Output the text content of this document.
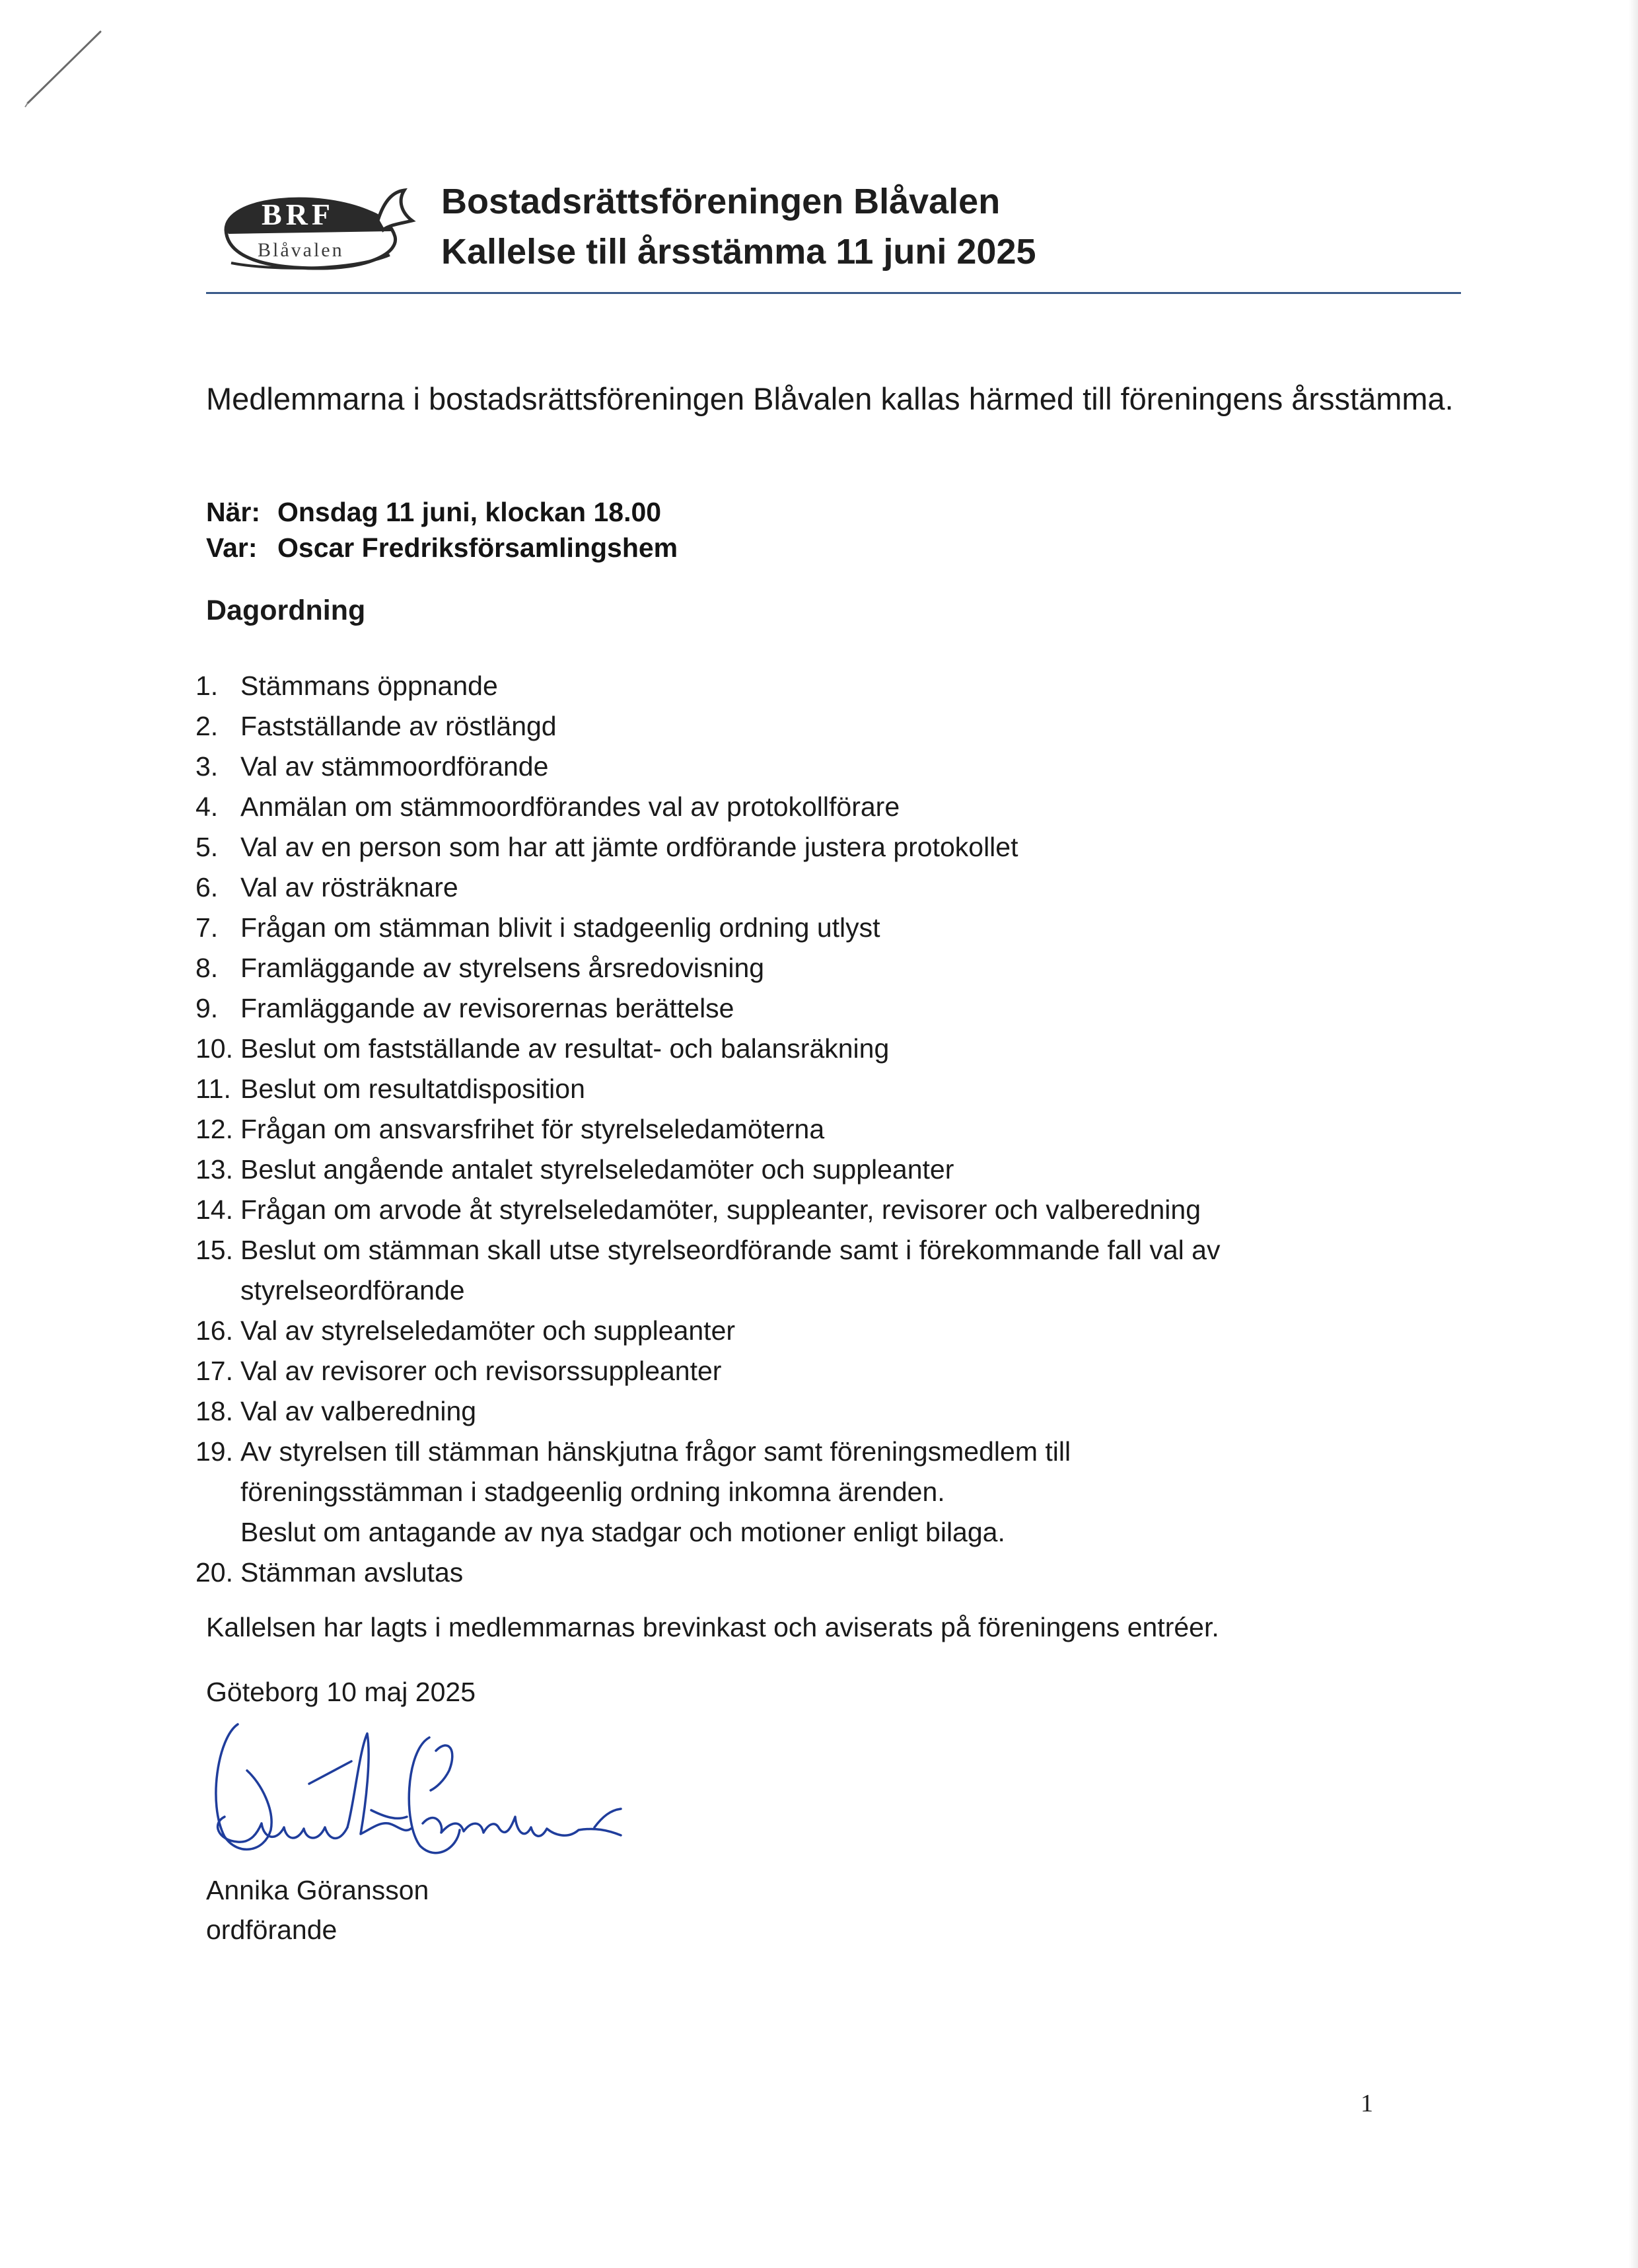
BRF
Blåvalen
Bostadsrättsföreningen Blåvalen
Kallelse till årsstämma 11 juni 2025
Medlemmarna i bostadsrättsföreningen Blåvalen kallas härmed till föreningens årsstämma.
När: Onsdag 11 juni, klockan 18.00
Var: Oscar Fredriksförsamlingshem
Dagordning
1. Stämmans öppnande
2. Fastställande av röstlängd
3. Val av stämmoordförande
4. Anmälan om stämmoordförandes val av protokollförare
5. Val av en person som har att jämte ordförande justera protokollet
6. Val av rösträknare
7. Frågan om stämman blivit i stadgeenlig ordning utlyst
8. Framläggande av styrelsens årsredovisning
9. Framläggande av revisorernas berättelse
10. Beslut om fastställande av resultat- och balansräkning
11. Beslut om resultatdisposition
12. Frågan om ansvarsfrihet för styrelseledamöterna
13. Beslut angående antalet styrelseledamöter och suppleanter
14. Frågan om arvode åt styrelseledamöter, suppleanter, revisorer och valberedning
15. Beslut om stämman skall utse styrelseordförande samt i förekommande fall val av
styrelseordförande
16. Val av styrelseledamöter och suppleanter
17. Val av revisorer och revisorssuppleanter
18. Val av valberedning
19. Av styrelsen till stämman hänskjutna frågor samt föreningsmedlem till
föreningsstämman i stadgeenlig ordning inkomna ärenden.
Beslut om antagande av nya stadgar och motioner enligt bilaga.
20. Stämman avslutas
Kallelsen har lagts i medlemmarnas brevinkast och aviserats på föreningens entréer.
Göteborg 10 maj 2025
Annika Göransson
ordförande
1
